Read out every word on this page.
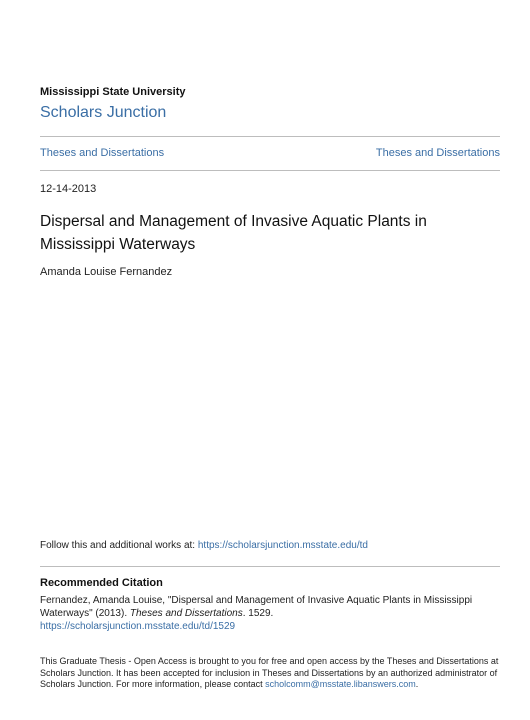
Mississippi State University
Scholars Junction
Theses and Dissertations	Theses and Dissertations
12-14-2013
Dispersal and Management of Invasive Aquatic Plants in
Mississippi Waterways
Amanda Louise Fernandez
Follow this and additional works at: https://scholarsjunction.msstate.edu/td
Recommended Citation
Fernandez, Amanda Louise, "Dispersal and Management of Invasive Aquatic Plants in Mississippi Waterways" (2013). Theses and Dissertations. 1529.
https://scholarsjunction.msstate.edu/td/1529
This Graduate Thesis - Open Access is brought to you for free and open access by the Theses and Dissertations at Scholars Junction. It has been accepted for inclusion in Theses and Dissertations by an authorized administrator of Scholars Junction. For more information, please contact scholcomm@msstate.libanswers.com.
